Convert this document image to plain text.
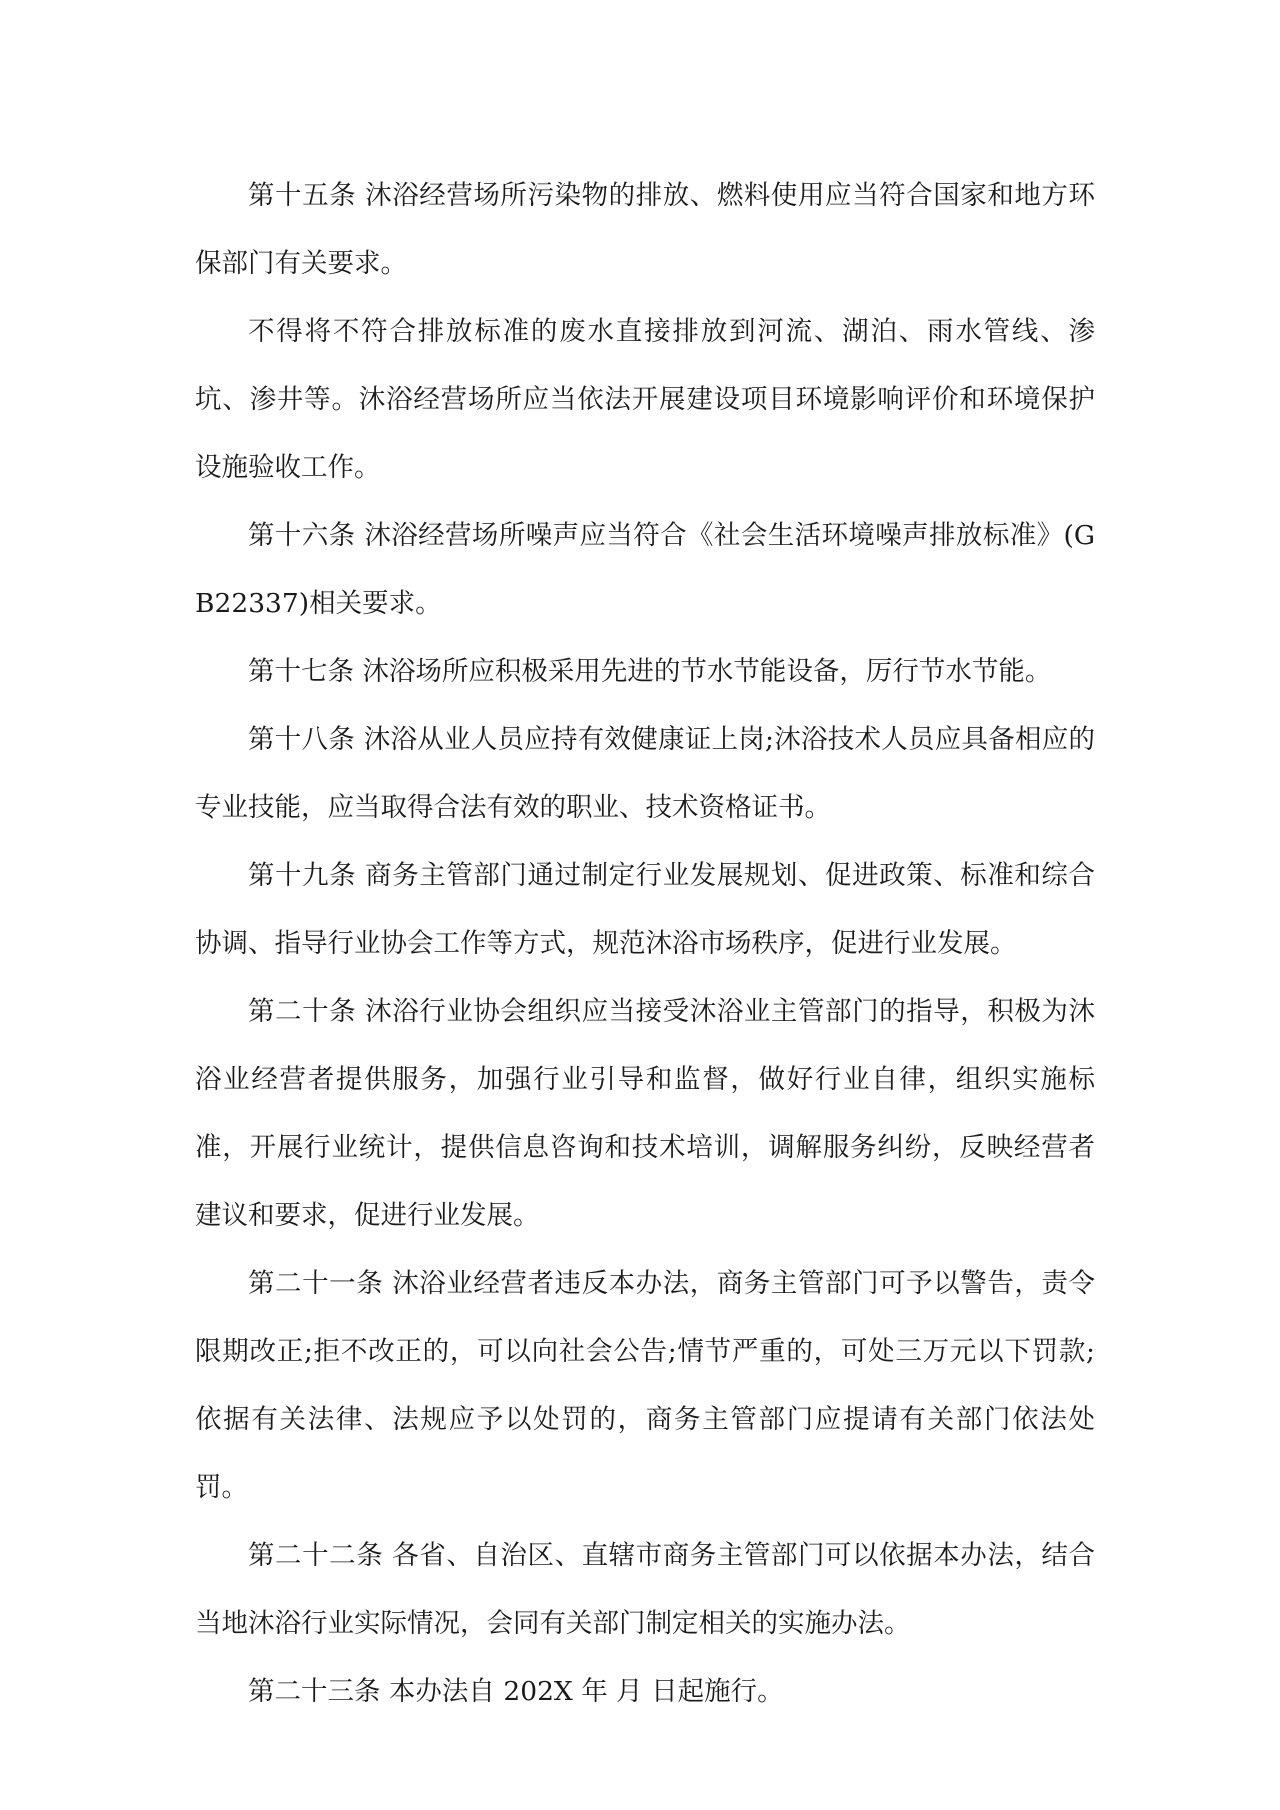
第十五条 沐浴经营场所污染物的排放、燃料使用应当符合国家和地方环保部门有关要求。

不得将不符合排放标准的废水直接排放到河流、湖泊、雨水管线、渗坑、渗井等。沐浴经营场所应当依法开展建设项目环境影响评价和环境保护设施验收工作。

第十六条 沐浴经营场所噪声应当符合《社会生活环境噪声排放标准》(GB22337)相关要求。

第十七条 沐浴场所应积极采用先进的节水节能设备，厉行节水节能。

第十八条 沐浴从业人员应持有效健康证上岗;沐浴技术人员应具备相应的专业技能，应当取得合法有效的职业、技术资格证书。

第十九条 商务主管部门通过制定行业发展规划、促进政策、标准和综合协调、指导行业协会工作等方式，规范沐浴市场秩序，促进行业发展。

第二十条 沐浴行业协会组织应当接受沐浴业主管部门的指导，积极为沐浴业经营者提供服务，加强行业引导和监督，做好行业自律，组织实施标准，开展行业统计，提供信息咨询和技术培训，调解服务纠纷，反映经营者建议和要求，促进行业发展。

第二十一条 沐浴业经营者违反本办法，商务主管部门可予以警告，责令限期改正;拒不改正的，可以向社会公告;情节严重的，可处三万元以下罚款;依据有关法律、法规应予以处罚的，商务主管部门应提请有关部门依法处罚。

第二十二条 各省、自治区、直辖市商务主管部门可以依据本办法，结合当地沐浴行业实际情况，会同有关部门制定相关的实施办法。

第二十三条 本办法自 202X 年 月 日起施行。
